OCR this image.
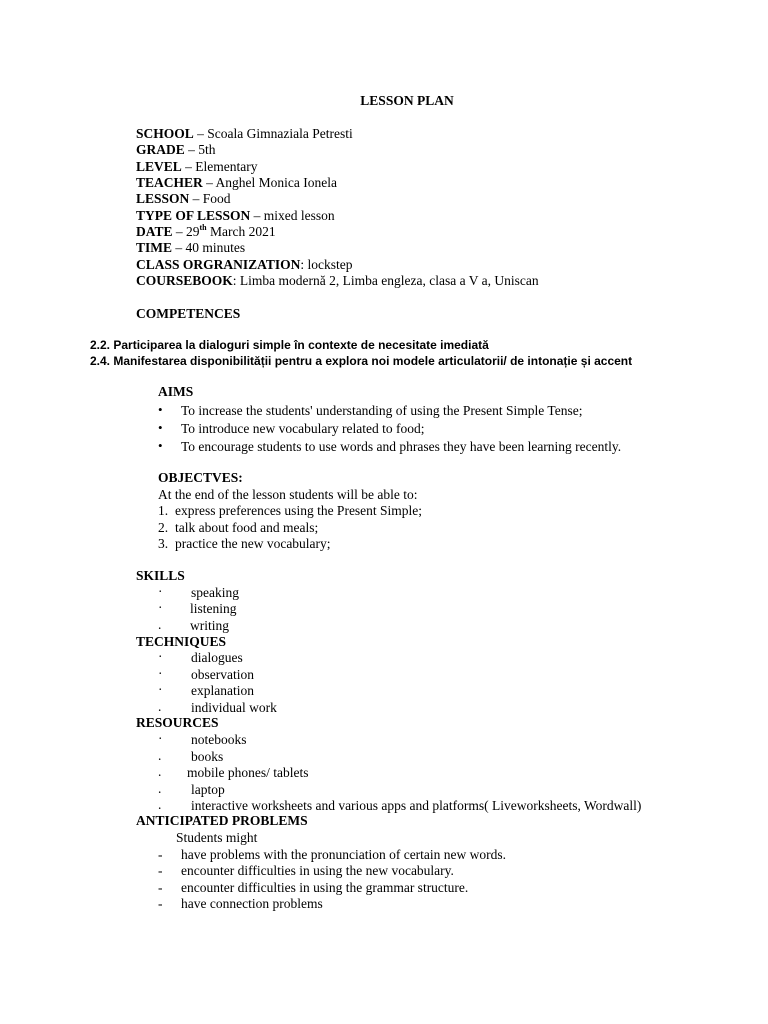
LESSON PLAN
SCHOOL – Scoala Gimnaziala Petresti
GRADE – 5th
LEVEL – Elementary
TEACHER – Anghel Monica Ionela
LESSON – Food
TYPE OF LESSON – mixed lesson
DATE – 29th March 2021
TIME – 40 minutes
CLASS ORGRANIZATION: lockstep
COURSEBOOK: Limba modernă 2, Limba engleza, clasa a V a, Uniscan
COMPETENCES
2.2. Participarea la dialoguri simple în contexte de necesitate imediată
2.4. Manifestarea disponibilității pentru a explora noi modele articulatorii/ de intonație și accent
AIMS
• To increase the students' understanding of using the Present Simple Tense;
• To introduce new vocabulary related to food;
• To encourage students to use words and phrases they have been learning recently.
OBJECTVES:
At the end of the lesson students will be able to:
1. express preferences using the Present Simple;
2. talk about food and meals;
3. practice the new vocabulary;
SKILLS
· speaking
· listening
. writing
TECHNIQUES
· dialogues
· observation
· explanation
. individual work
RESOURCES
· notebooks
. books
. mobile phones/ tablets
. laptop
. interactive worksheets and various apps and platforms( Liveworksheets, Wordwall)
ANTICIPATED PROBLEMS
Students might
- have problems with the pronunciation of certain new words.
- encounter difficulties in using the new vocabulary.
- encounter difficulties in using the grammar structure.
- have connection problems
